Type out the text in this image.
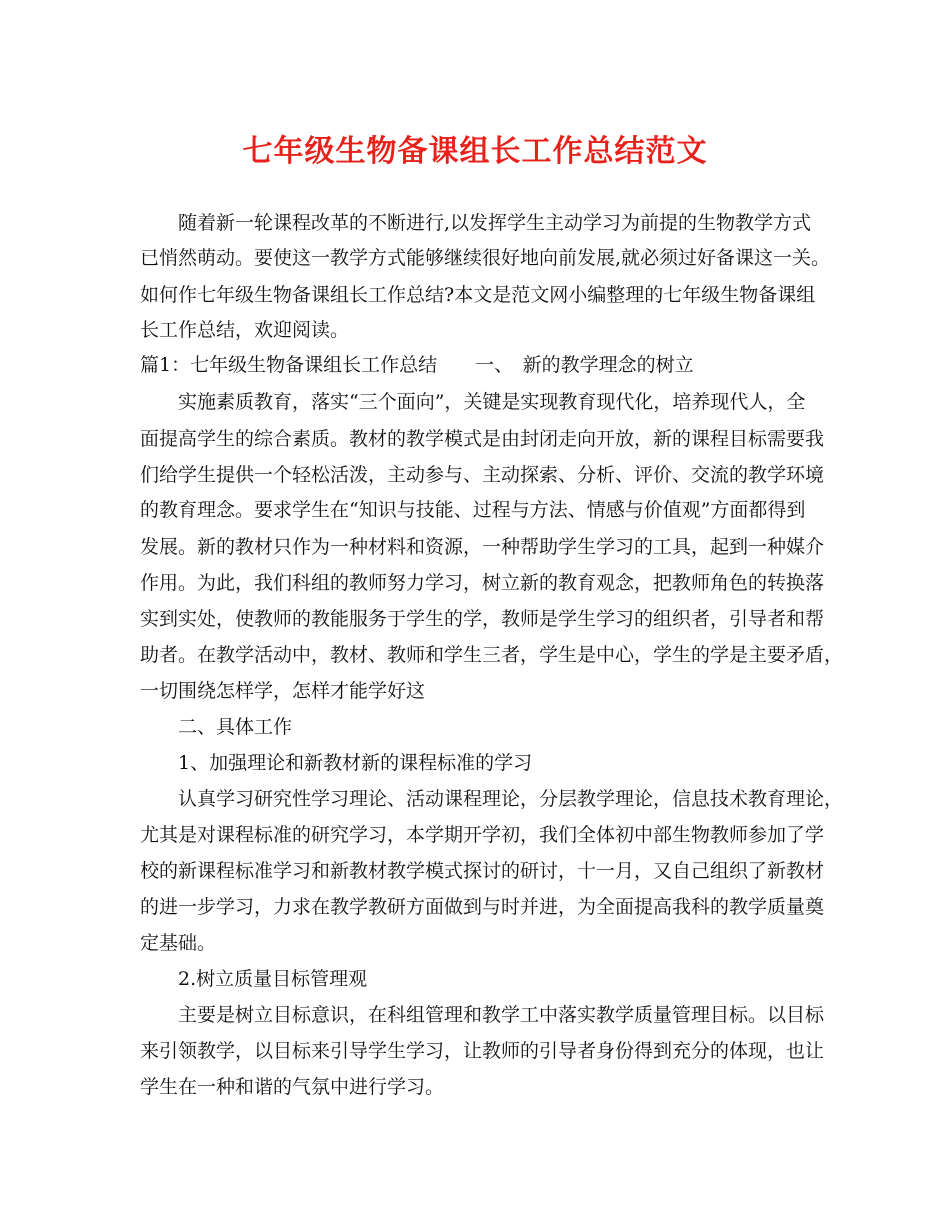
七年级生物备课组长工作总结范文
随着新一轮课程改革的不断进行,以发挥学生主动学习为前提的生物教学方式
已悄然萌动。要使这一教学方式能够继续很好地向前发展,就必须过好备课这一关。
如何作七年级生物备课组长工作总结?本文是范文网小编整理的七年级生物备课组
长工作总结，欢迎阅读。
篇1：七年级生物备课组长工作总结　　一、　新的教学理念的树立
实施素质教育，落实“三个面向”，关键是实现教育现代化，培养现代人，全
面提高学生的综合素质。教材的教学模式是由封闭走向开放，新的课程目标需要我
们给学生提供一个轻松活泼，主动参与、主动探索、分析、评价、交流的教学环境
的教育理念。要求学生在“知识与技能、过程与方法、情感与价值观”方面都得到
发展。新的教材只作为一种材料和资源，一种帮助学生学习的工具，起到一种媒介
作用。为此，我们科组的教师努力学习，树立新的教育观念，把教师角色的转换落
实到实处，使教师的教能服务于学生的学，教师是学生学习的组织者，引导者和帮
助者。在教学活动中，教材、教师和学生三者，学生是中心，学生的学是主要矛盾，
一切围绕怎样学，怎样才能学好这
二、具体工作
1、加强理论和新教材新的课程标准的学习
认真学习研究性学习理论、活动课程理论，分层教学理论，信息技术教育理论，
尤其是对课程标准的研究学习，本学期开学初，我们全体初中部生物教师参加了学
校的新课程标准学习和新教材教学模式探讨的研讨，十一月，又自己组织了新教材
的进一步学习，力求在教学教研方面做到与时并进，为全面提高我科的教学质量奠
定基础。
2.树立质量目标管理观
主要是树立目标意识，在科组管理和教学工中落实教学质量管理目标。以目标
来引领教学，以目标来引导学生学习，让教师的引导者身份得到充分的体现，也让
学生在一种和谐的气氛中进行学习。
